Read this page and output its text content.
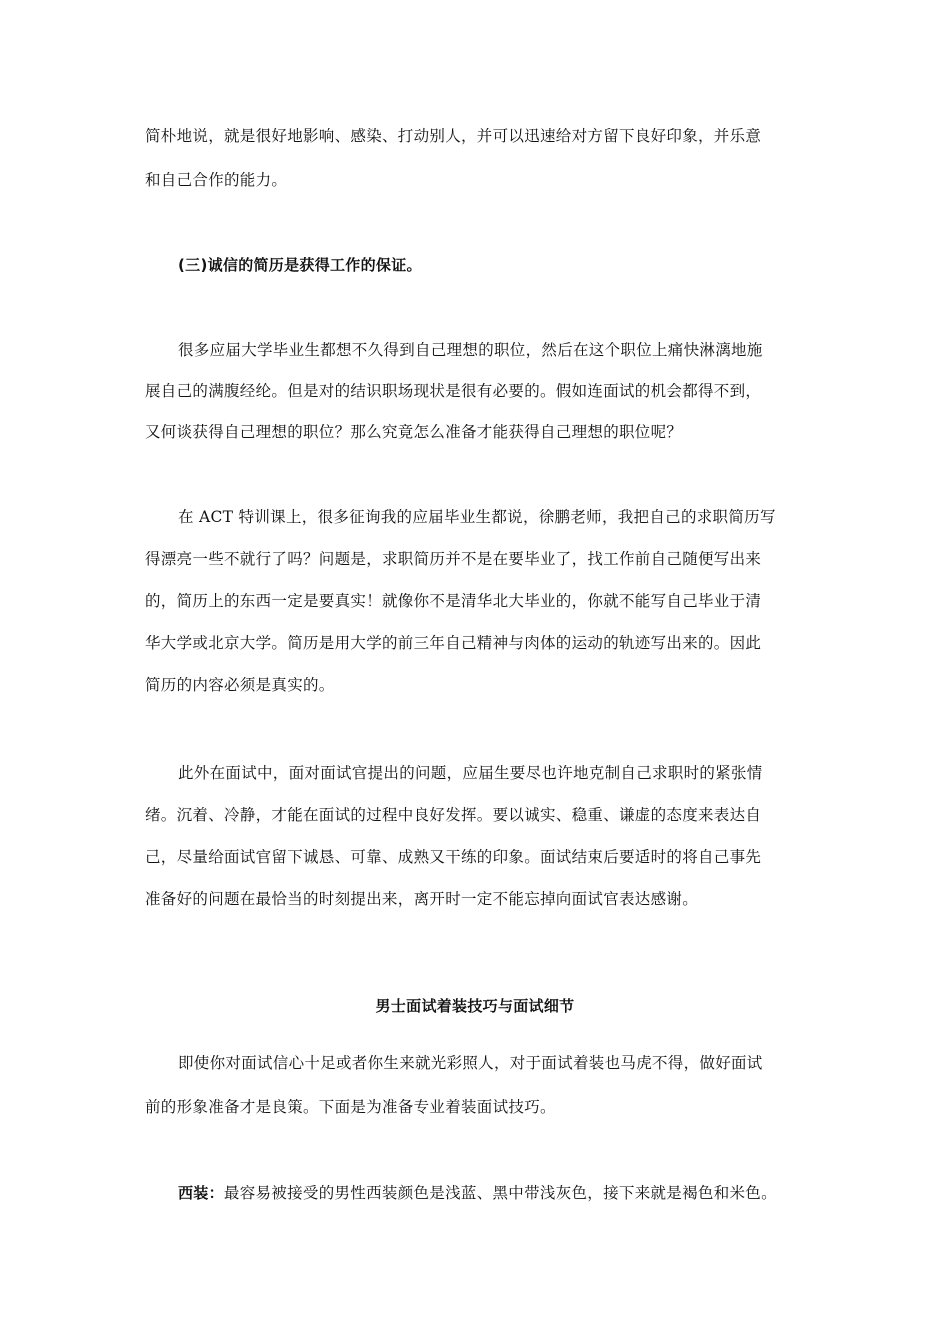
简朴地说，就是很好地影响、感染、打动别人，并可以迅速给对方留下良好印象，并乐意
和自己合作的能力。
(三)诚信的简历是获得工作的保证。
很多应届大学毕业生都想不久得到自己理想的职位，然后在这个职位上痛快淋漓地施
展自己的满腹经纶。但是对的结识职场现状是很有必要的。假如连面试的机会都得不到，
又何谈获得自己理想的职位？那么究竟怎么准备才能获得自己理想的职位呢？
在 ACT 特训课上，很多征询我的应届毕业生都说，徐鹏老师，我把自己的求职简历写
得漂亮一些不就行了吗？问题是，求职简历并不是在要毕业了，找工作前自己随便写出来
的，简历上的东西一定是要真实！就像你不是清华北大毕业的，你就不能写自己毕业于清
华大学或北京大学。简历是用大学的前三年自己精神与肉体的运动的轨迹写出来的。因此
简历的内容必须是真实的。
此外在面试中，面对面试官提出的问题，应届生要尽也许地克制自己求职时的紧张情
绪。沉着、冷静，才能在面试的过程中良好发挥。要以诚实、稳重、谦虚的态度来表达自
己，尽量给面试官留下诚恳、可靠、成熟又干练的印象。面试结束后要适时的将自己事先
准备好的问题在最恰当的时刻提出来，离开时一定不能忘掉向面试官表达感谢。
男士面试着装技巧与面试细节
即使你对面试信心十足或者你生来就光彩照人，对于面试着装也马虎不得，做好面试
前的形象准备才是良策。下面是为准备专业着装面试技巧。
西装：最容易被接受的男性西装颜色是浅蓝、黑中带浅灰色，接下来就是褐色和米色。
